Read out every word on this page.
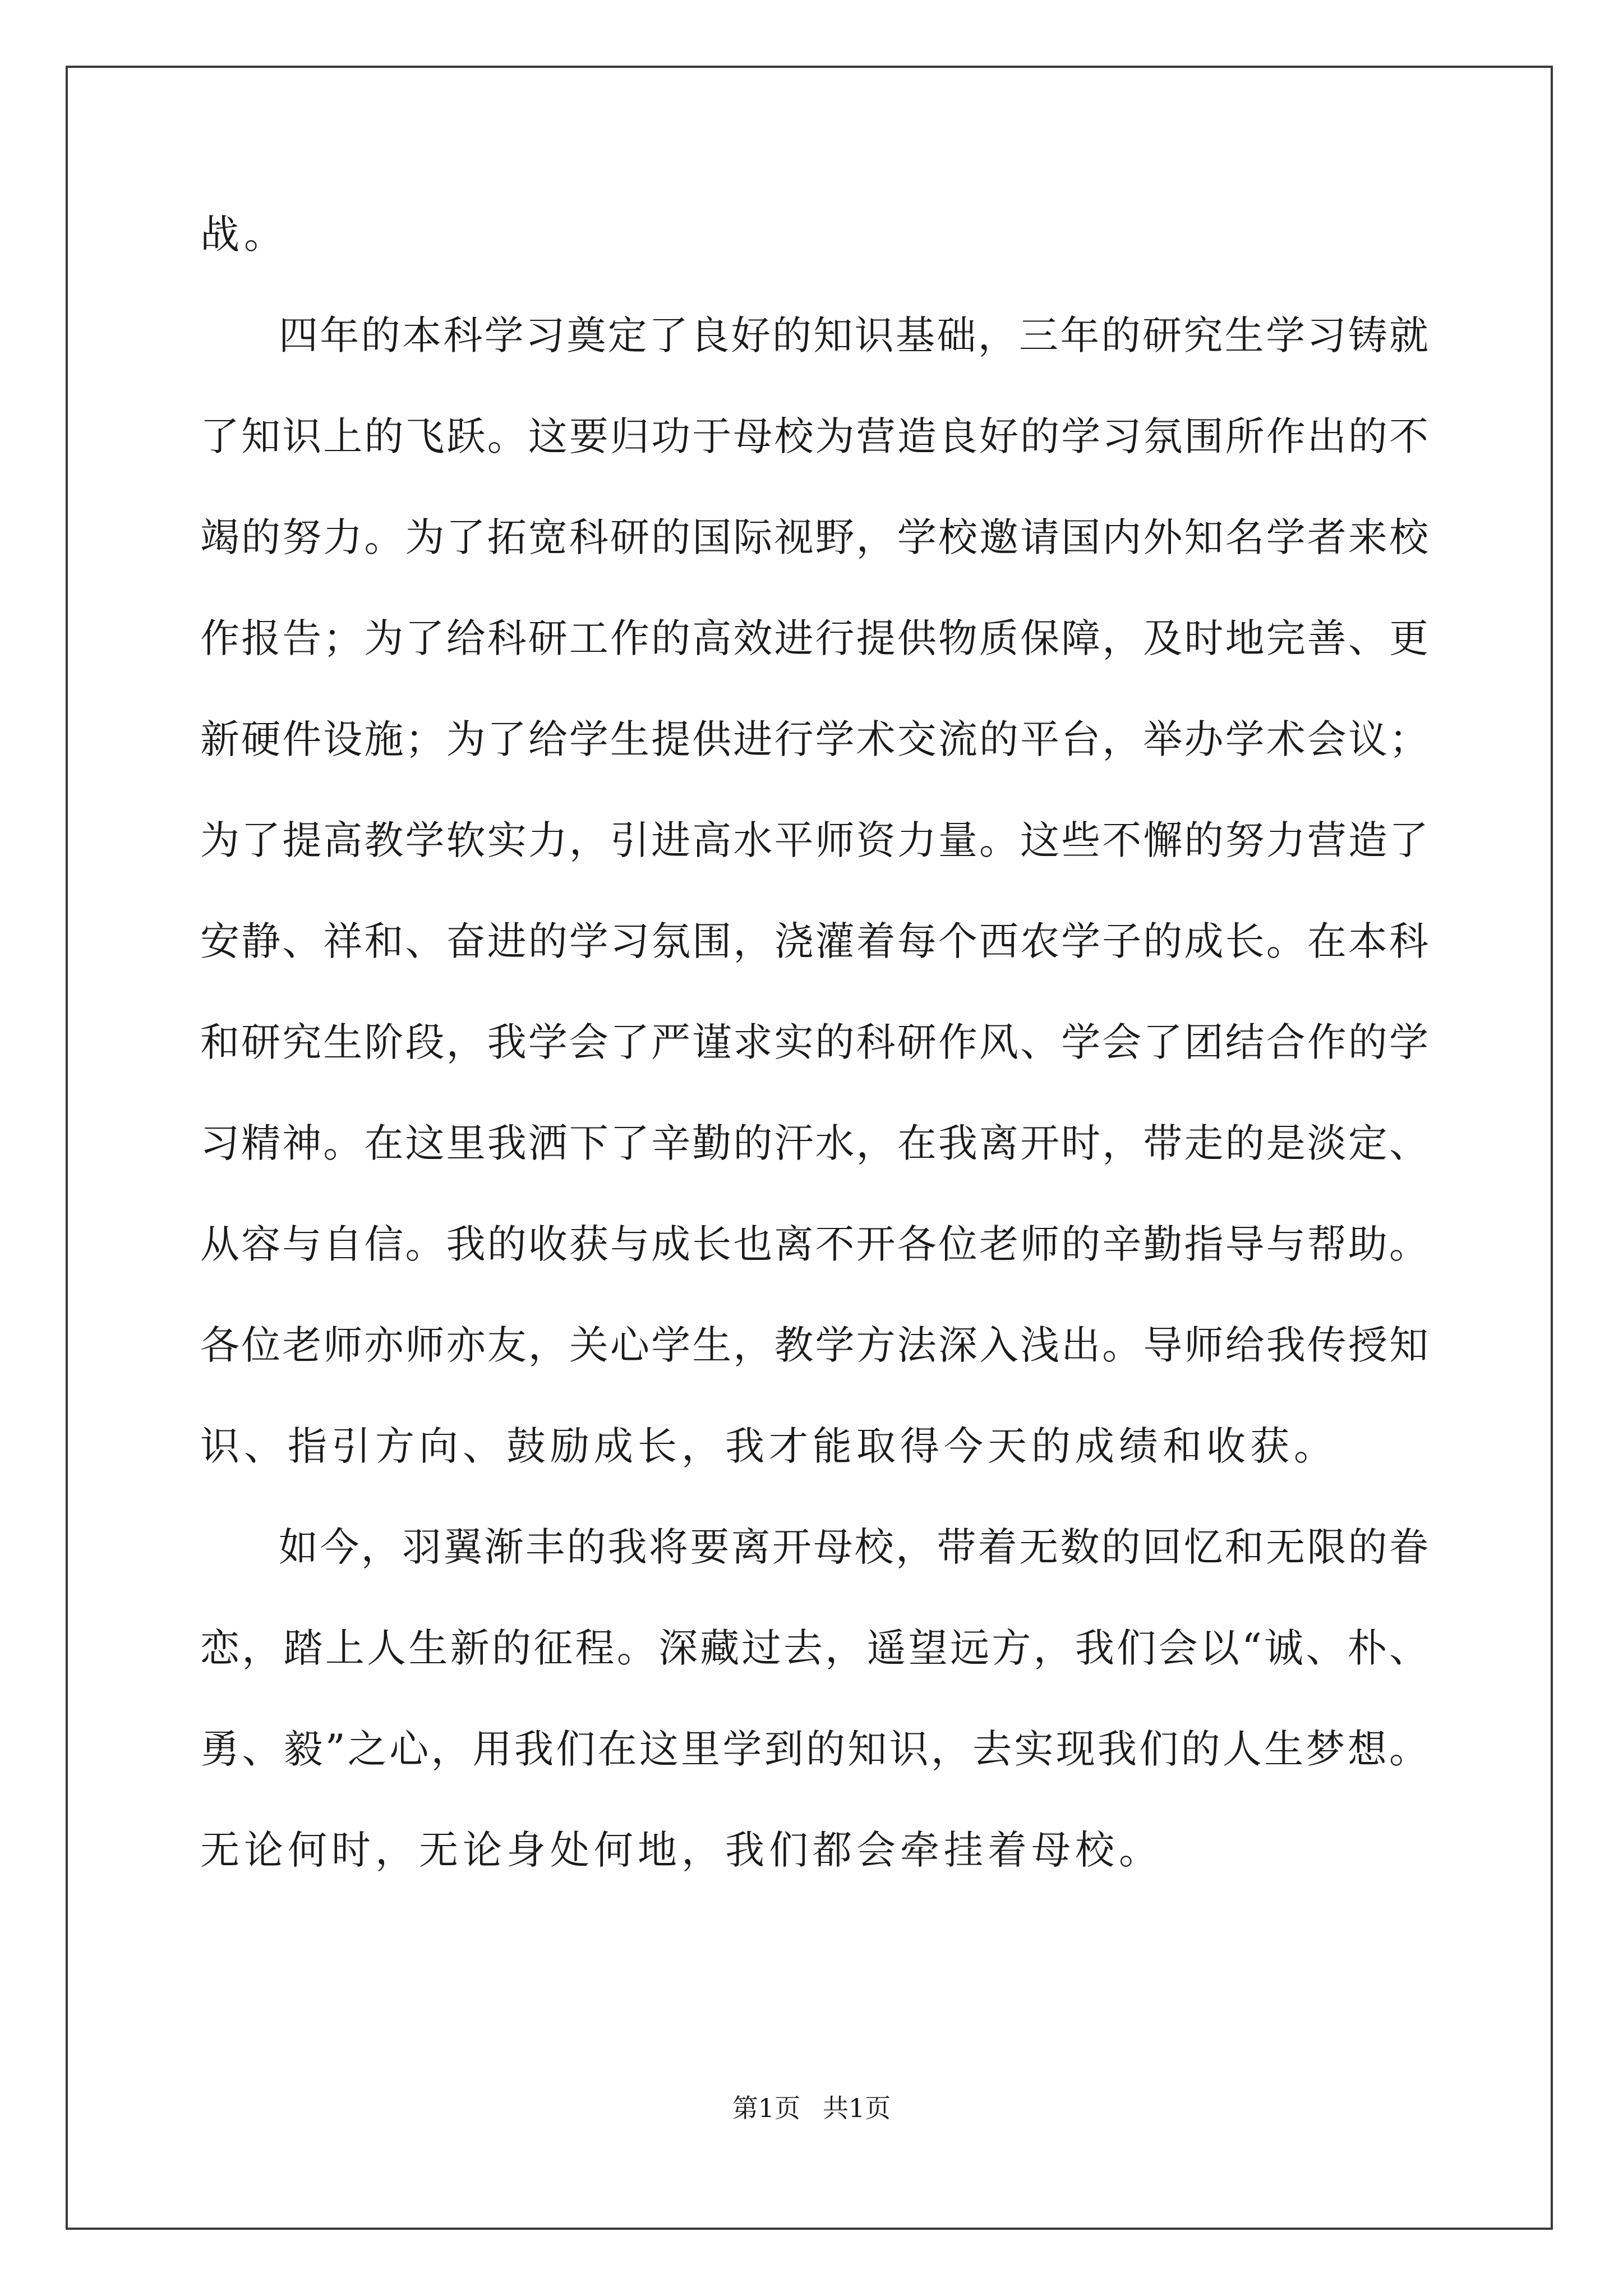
战。
四年的本科学习奠定了良好的知识基础，三年的研究生学习铸就
了知识上的飞跃。这要归功于母校为营造良好的学习氛围所作出的不
竭的努力。为了拓宽科研的国际视野，学校邀请国内外知名学者来校
作报告；为了给科研工作的高效进行提供物质保障，及时地完善、更
新硬件设施；为了给学生提供进行学术交流的平台，举办学术会议；
为了提高教学软实力，引进高水平师资力量。这些不懈的努力营造了
安静、祥和、奋进的学习氛围，浇灌着每个西农学子的成长。在本科
和研究生阶段，我学会了严谨求实的科研作风、学会了团结合作的学
习精神。在这里我洒下了辛勤的汗水，在我离开时，带走的是淡定、
从容与自信。我的收获与成长也离不开各位老师的辛勤指导与帮助。
各位老师亦师亦友，关心学生，教学方法深入浅出。导师给我传授知
识、指引方向、鼓励成长，我才能取得今天的成绩和收获。
如今，羽翼渐丰的我将要离开母校，带着无数的回忆和无限的眷
恋，踏上人生新的征程。深藏过去，遥望远方，我们会以“诚、朴、
勇、毅”之心，用我们在这里学到的知识，去实现我们的人生梦想。
无论何时，无论身处何地，我们都会牵挂着母校。
第1页 共1页
